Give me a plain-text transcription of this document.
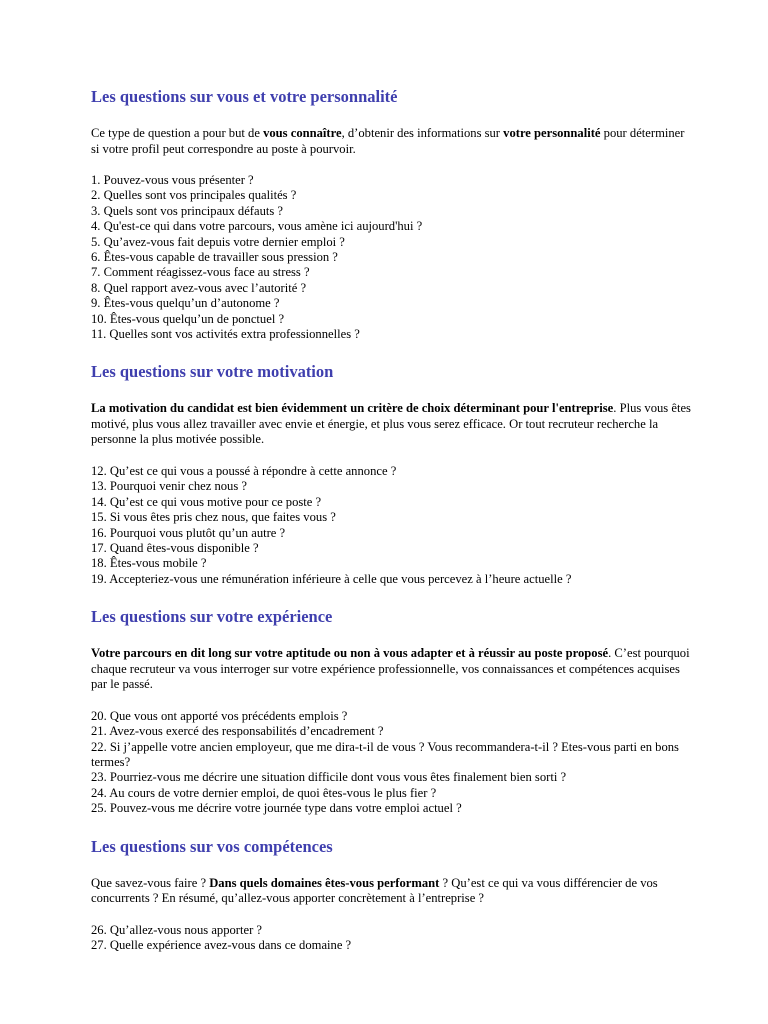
Les questions sur vous et votre personnalité

Ce type de question a pour but de vous connaître, d’obtenir des informations sur votre personnalité pour déterminer si votre profil peut correspondre au poste à pourvoir.

1. Pouvez-vous vous présenter ?
2. Quelles sont vos principales qualités ?
3. Quels sont vos principaux défauts ?
4. Qu'est-ce qui dans votre parcours, vous amène ici aujourd'hui ?
5. Qu’avez-vous fait depuis votre dernier emploi ?
6. Êtes-vous capable de travailler sous pression ?
7. Comment réagissez-vous face au stress ?
8. Quel rapport avez-vous avec l’autorité ?
9. Êtes-vous quelqu’un d’autonome ?
10. Êtes-vous quelqu’un de ponctuel ?
11. Quelles sont vos activités extra professionnelles ?
Les questions sur votre motivation

La motivation du candidat est bien évidemment un critère de choix déterminant pour l'entreprise. Plus vous êtes motivé, plus vous allez travailler avec envie et énergie, et plus vous serez efficace. Or tout recruteur recherche la personne la plus motivée possible.

12. Qu’est ce qui vous a poussé à répondre à cette annonce ?
13. Pourquoi venir chez nous ?
14. Qu’est ce qui vous motive pour ce poste ?
15. Si vous êtes pris chez nous, que faites vous ?
16. Pourquoi vous plutôt qu’un autre ?
17. Quand êtes-vous disponible ?
18. Êtes-vous mobile ?
19. Accepteriez-vous une rémunération inférieure à celle que vous percevez à l’heure actuelle ?
Les questions sur votre expérience

Votre parcours en dit long sur votre aptitude ou non à vous adapter et à réussir au poste proposé. C’est pourquoi chaque recruteur va vous interroger sur votre expérience professionnelle, vos connaissances et compétences acquises par le passé.

20. Que vous ont apporté vos précédents emplois ?
21. Avez-vous exercé des responsabilités d’encadrement ?
22. Si j’appelle votre ancien employeur, que me dira-t-il de vous ? Vous recommandera-t-il ? Etes-vous parti en bons termes?
23. Pourriez-vous me décrire une situation difficile dont vous vous êtes finalement bien sorti ?
24. Au cours de votre dernier emploi, de quoi êtes-vous le plus fier ?
25. Pouvez-vous me décrire votre journée type dans votre emploi actuel ?
Les questions sur vos compétences

Que savez-vous faire ? Dans quels domaines êtes-vous performant ? Qu’est ce qui va vous différencier de vos concurrents ? En résumé, qu’allez-vous apporter concrètement à l’entreprise ?

26. Qu’allez-vous nous apporter ?
27. Quelle expérience avez-vous dans ce domaine ?
